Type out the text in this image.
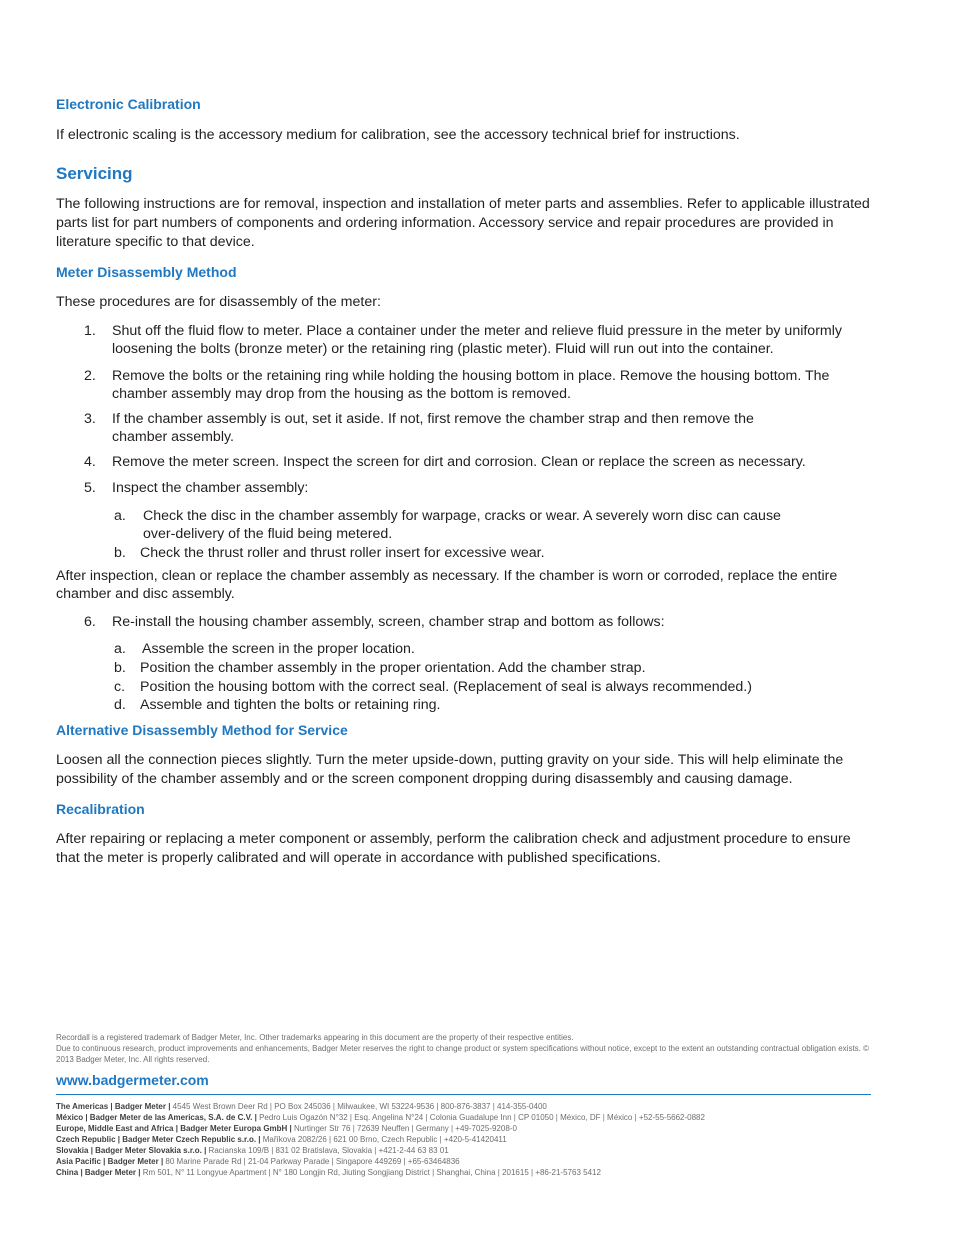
Electronic Calibration

If electronic scaling is the accessory medium for calibration, see the accessory technical brief for instructions.

Servicing

The following instructions are for removal, inspection and installation of meter parts and assemblies. Refer to applicable illustrated parts list for part numbers of components and ordering information. Accessory service and repair procedures are provided in literature specific to that device.

Meter Disassembly Method

These procedures are for disassembly of the meter:

1.	Shut off the fluid flow to meter. Place a container under the meter and relieve fluid pressure in the meter by uniformly loosening the bolts (bronze meter) or the retaining ring (plastic meter). Fluid will run out into the container.
2.	Remove the bolts or the retaining ring while holding the housing bottom in place. Remove the housing bottom. The chamber assembly may drop from the housing as the bottom is removed.
3.	If the chamber assembly is out, set it aside. If not, first remove the chamber strap and then remove the chamber assembly.
4.	Remove the meter screen. Inspect the screen for dirt and corrosion. Clean or replace the screen as necessary.
5.	Inspect the chamber assembly:
a.	Check the disc in the chamber assembly for warpage, cracks or wear. A severely worn disc can cause over-delivery of the fluid being metered.
b. Check the thrust roller and thrust roller insert for excessive wear.

After inspection, clean or replace the chamber assembly as necessary. If the chamber is worn or corroded, replace the entire chamber and disc assembly.

6.	Re-install the housing chamber assembly, screen, chamber strap and bottom as follows:
a.	Assemble the screen in the proper location.
b. Position the chamber assembly in the proper orientation. Add the chamber strap.
c.	Position the housing bottom with the correct seal. (Replacement of seal is always recommended.)
d. Assemble and tighten the bolts or retaining ring.
Alternative Disassembly Method for Service

Loosen all the connection pieces slightly. Turn the meter upside-down, putting gravity on your side. This will help eliminate the possibility of the chamber assembly and or the screen component dropping during disassembly and causing damage.

Recalibration

After repairing or replacing a meter component or assembly, perform the calibration check and adjustment procedure to ensure that the meter is properly calibrated and will operate in accordance with published specifications.

Recordall is a registered trademark of Badger Meter, Inc. Other trademarks appearing in this document are the property of their respective entities.
Due to continuous research, product improvements and enhancements, Badger Meter reserves the right to change product or system specifications without notice, except to the extent an outstanding contractual obligation exists. © 2013 Badger Meter, Inc. All rights reserved.
www.badgermeter.com
The Americas | Badger Meter | 4545 West Brown Deer Rd | PO Box 245036 | Milwaukee, WI 53224-9536 | 800-876-3837 | 414-355-0400
México | Badger Meter de las Americas, S.A. de C.V. | Pedro Luis Ogazón N°32 | Esq. Angelina N°24 | Colonia Guadalupe Inn | CP 01050 | México, DF | México | +52-55-5662-0882
Europe, Middle East and Africa | Badger Meter Europa GmbH | Nurtinger Str 76 | 72639 Neuffen | Germany | +49-7025-9208-0
Czech Republic | Badger Meter Czech Republic s.r.o. | Maříkova 2082/26 | 621 00 Brno, Czech Republic | +420-5-41420411
Slovakia | Badger Meter Slovakia s.r.o. | Racianska 109/B | 831 02 Bratislava, Slovakia | +421-2-44 63 83 01
Asia Pacific | Badger Meter | 80 Marine Parade Rd | 21-04 Parkway Parade | Singapore 449269 | +65-63464836
China | Badger Meter | Rm 501, N° 11 Longyue Apartment | N° 180 Longjin Rd, Jiuting Songjiang District | Shanghai, China | 201615 | +86-21-5763 5412
